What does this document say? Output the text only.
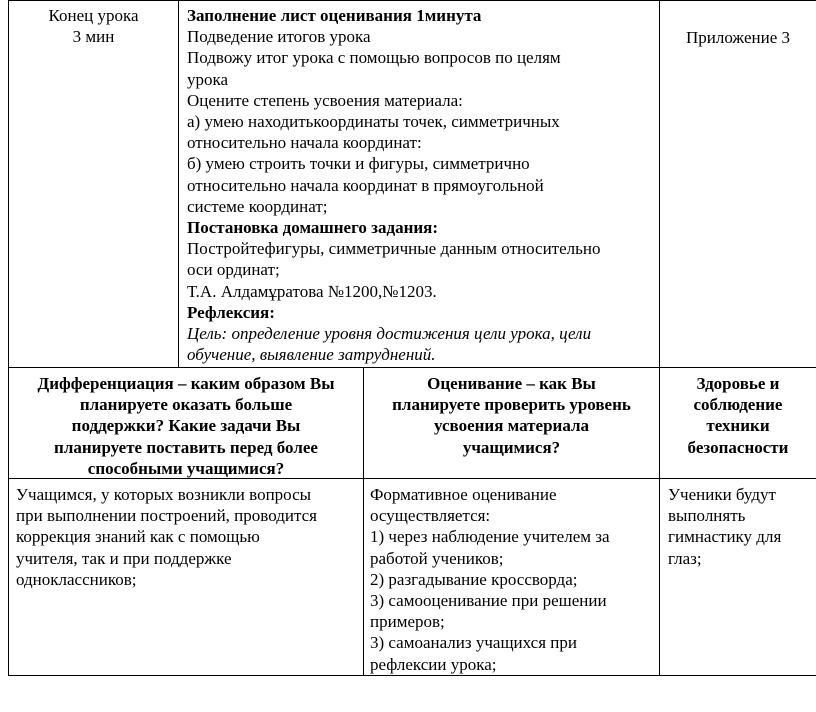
Конец урока
3 мин
Заполнение лист оценивания 1минута
Подведение итогов урока
Подвожу итог урока с помощью вопросов по целям
урока
Оцените степень усвоения материала:
а) умею находитькоординаты точек, симметричных
относительно начала координат:
б) умею строить точки и фигуры, симметрично
относительно начала координат в прямоугольной
системе координат;
Постановка домашнего задания:
Постройтефигуры, симметричные данным относительно
оси ординат;
Т.А. Алдамұратова №1200,№1203.
Рефлексия:
Цель: определение уровня достижения цели урока, цели
обучение, выявление затруднений.
Приложение 3
Дифференциация – каким образом Вы
планируете оказать больше
поддержки? Какие задачи Вы
планируете поставить перед более
способными учащимися?
Оценивание – как Вы
планируете проверить уровень
усвоения материала
учащимися?
Здоровье и
соблюдение
техники
безопасности
Учащимся, у которых возникли вопросы
при выполнении построений, проводится
коррекция знаний как с помощью
учителя, так и при поддержке
одноклассников;
Формативное оценивание
осуществляется:
1) через наблюдение учителем за
работой учеников;
2) разгадывание кроссворда;
3) самооценивание при решении
примеров;
3) самоанализ учащихся при
рефлексии урока;
Ученики будут
выполнять
гимнастику для
глаз;
